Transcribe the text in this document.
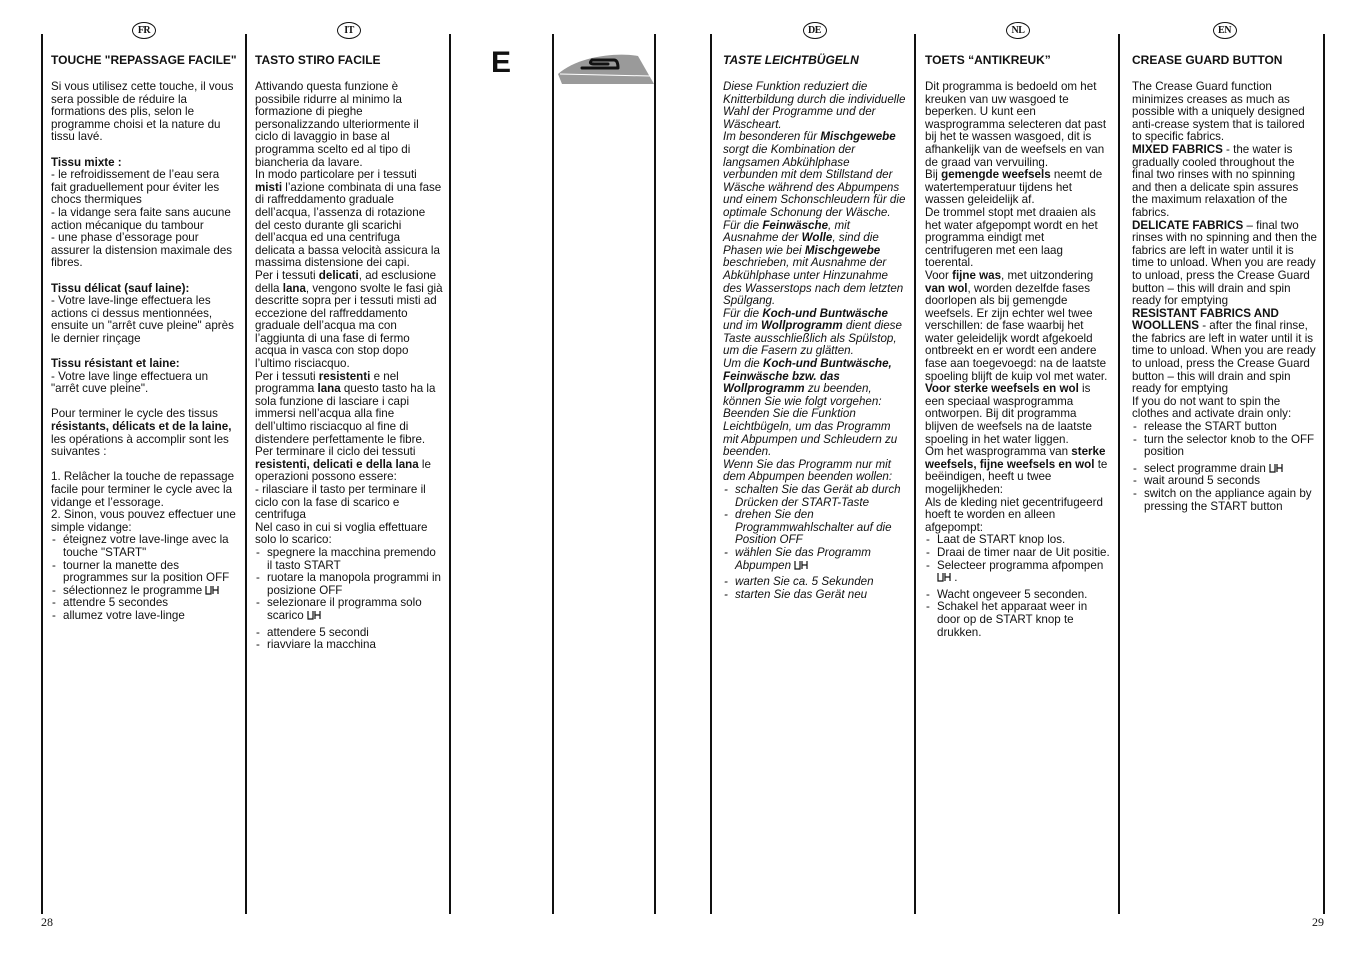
E
FR
TOUCHE "REPASSAGE FACILE"

Si vous utilisez cette touche, il vous sera possible de réduire la formations des plis, selon le programme choisi et la nature du tissu lavé.

Tissu mixte :
- le refroidissement de l’eau sera fait graduellement pour éviter les chocs thermiques
- la vidange sera faite sans aucune action mécanique du tambour
- une phase d’essorage pour assurer la distension maximale des fibres.

Tissu délicat (sauf laine):
- Votre lave-linge effectuera les actions ci dessus mentionnées, ensuite un "arrêt cuve pleine" après le dernier rinçage

Tissu résistant et laine:
- Votre lave linge effectuera un "arrêt cuve pleine".

Pour terminer le cycle des tissus résistants, délicats et de la laine, les opérations à accomplir sont les suivantes :

1. Relâcher la touche de repassage facile pour terminer le cycle avec la vidange et l’essorage.
2. Sinon, vous pouvez effectuer une simple vidange:
- éteignez votre lave-linge avec la touche "START"
- tourner la manette des programmes sur la position OFF
- sélectionnez le programme
- attendre 5 secondes
- allumez votre lave-linge
IT
TASTO STIRO FACILE
Attivando questa funzione è possibile ridurre al minimo la formazione di pieghe personalizzando ulteriormente il ciclo di lavaggio in base al programma scelto ed al tipo di biancheria da lavare.
In modo particolare per i tessuti misti l’azione combinata di una fase di raffreddamento graduale dell’acqua, l’assenza di rotazione del cesto durante gli scarichi dell’acqua ed una centrifuga delicata a bassa velocità assicura la massima distensione dei capi.
Per i tessuti delicati, ad esclusione della lana, vengono svolte le fasi già descritte sopra per i tessuti misti ad eccezione del raffreddamento graduale dell’acqua ma con l’aggiunta di una fase di fermo acqua in vasca con stop dopo l’ultimo risciacquo.
Per i tessuti resistenti e nel programma lana questo tasto ha la sola funzione di lasciare i capi immersi nell’acqua alla fine dell’ultimo risciacquo al fine di distendere perfettamente le fibre.
Per terminare il ciclo dei tessuti resistenti, delicati e della lana le operazioni possono essere:
- rilasciare il tasto per terminare il ciclo con la fase di scarico e centrifuga
Nel caso in cui si voglia effettuare solo lo scarico:
- spegnere la macchina premendo il tasto START
- ruotare la manopola programmi in posizione OFF
- selezionare il programma solo scarico
- attendere 5 secondi
- riavviare la macchina
DE
TASTE LEICHTBÜGELN
Diese Funktion reduziert die Knitterbildung durch die individuelle Wahl der Programme und der Wäscheart.
Im besonderen für Mischgewebe sorgt die Kombination der langsamen Abkühlphase verbunden mit dem Stillstand der Wäsche während des Abpumpens und einem Schonschleudern für die optimale Schonung der Wäsche.
Für die Feinwäsche, mit Ausnahme der Wolle, sind die Phasen wie bei Mischgewebe beschrieben, mit Ausnahme der Abkühlphase unter Hinzunahme des Wasserstops nach dem letzten Spülgang.
Für die Koch-und Buntwäsche und im Wollprogramm dient diese Taste ausschließlich als Spülstop, um die Fasern zu glätten.
Um die Koch-und Buntwäsche, Feinwäsche bzw. das Wollprogramm zu beenden, können Sie wie folgt vorgehen:
Beenden Sie die Funktion Leichtbügeln, um das Programm mit Abpumpen und Schleudern zu beenden.
Wenn Sie das Programm nur mit dem Abpumpen beenden wollen:
- schalten Sie das Gerät ab durch Drücken der START-Taste
- drehen Sie den Programmwahlschalter auf die Position OFF
- wählen Sie das Programm Abpumpen
- warten Sie ca. 5 Sekunden
- starten Sie das Gerät neu
NL
TOETS “ANTIKREUK”
Dit programma is bedoeld om het kreuken van uw wasgoed te beperken. U kunt een wasprogramma selecteren dat past bij het te wassen wasgoed, dit is afhankelijk van de weefsels en van de graad van vervuiling.
Bij gemengde weefsels neemt de watertemperatuur tijdens het wassen geleidelijk af.
De trommel stopt met draaien als het water afgepompt wordt en het programma eindigt met centrifugeren met een laag toerental.
Voor fijne was, met uitzondering van wol, worden dezelfde fases doorlopen als bij gemengde weefsels. Er zijn echter wel twee verschillen: de fase waarbij het water geleidelijk wordt afgekoeld ontbreekt en er wordt een andere fase aan toegevoegd: na de laatste spoeling blijft de kuip vol met water.
Voor sterke weefsels en wol is een speciaal wasprogramma ontworpen. Bij dit programma blijven de weefsels na de laatste spoeling in het water liggen.
Om het wasprogramma van sterke weefsels, fijne weefsels en wol te beëindigen, heeft u twee mogelijkheden:
Als de kleding niet gecentrifugeerd hoeft te worden en alleen afgepompt:
- Laat de START knop los.
- Draai de timer naar de Uit positie.
- Selecteer programma afpompen  .
- Wacht ongeveer 5 seconden.
- Schakel het apparaat weer in door op de START knop te drukken.
EN
CREASE GUARD BUTTON
The Crease Guard function minimizes creases as much as possible with a uniquely designed anti-crease system that is tailored to specific fabrics.
MIXED FABRICS - the water is gradually cooled throughout the final two rinses with no spinning and then a delicate spin assures the maximum relaxation of the fabrics.
DELICATE FABRICS – final two rinses with no spinning and then the fabrics are left in water until it is time to unload. When you are ready to unload, press the Crease Guard button – this will drain and spin ready for emptying
RESISTANT FABRICS AND WOOLLENS - after the final rinse, the fabrics are left in water until it is time to unload. When you are ready to unload, press the Crease Guard button – this will drain and spin ready for emptying
If you do not want to spin the clothes and activate drain only:
- release the START button
- turn the selector knob to the OFF position
- select programme drain
- wait around 5 seconds
- switch on the appliance again by pressing the START button
28	29
